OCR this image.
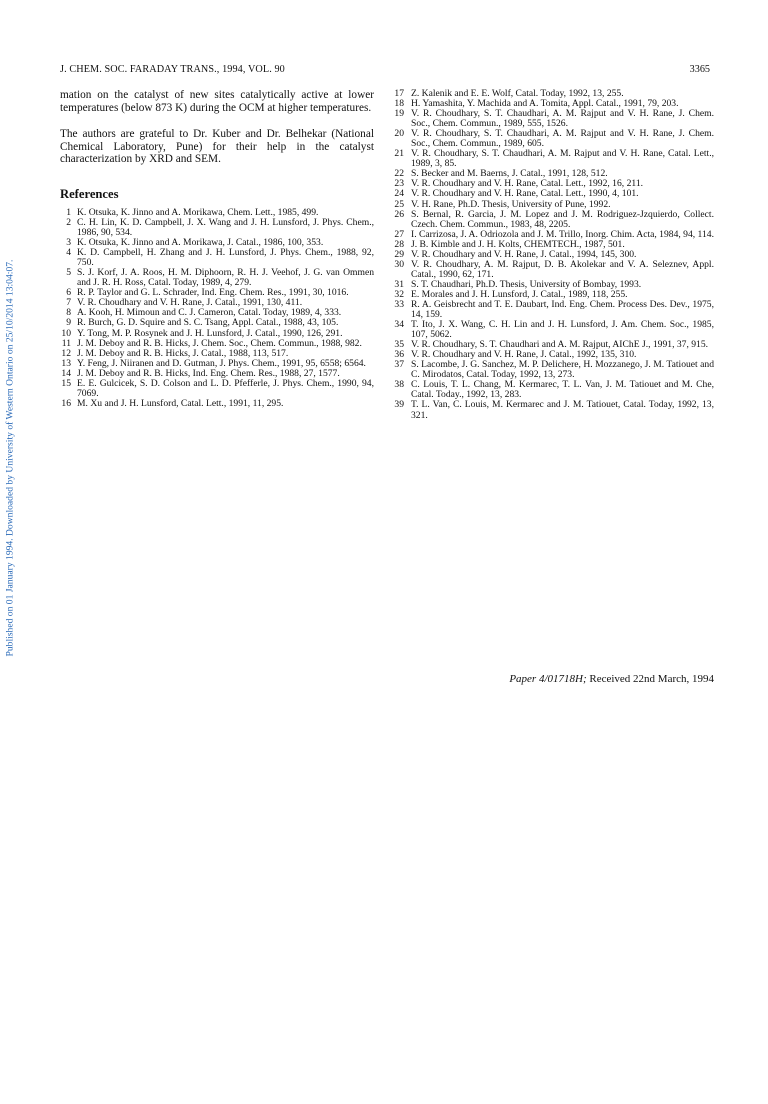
Published on 01 January 1994. Downloaded by University of Western Ontario on 25/10/2014 13:04:07.
J. CHEM. SOC. FARADAY TRANS., 1994, VOL. 90	3365

mation on the catalyst of new sites catalytically active at lower temperatures (below 873 K) during the OCM at higher temperatures.

The authors are grateful to Dr. Kuber and Dr. Belhekar (National Chemical Laboratory, Pune) for their help in the catalyst characterization by XRD and SEM.

References
1 K. Otsuka, K. Jinno and A. Morikawa, Chem. Lett., 1985, 499.
2 C. H. Lin, K. D. Campbell, J. X. Wang and J. H. Lunsford, J. Phys. Chem., 1986, 90, 534.
3 K. Otsuka, K. Jinno and A. Morikawa, J. Catal., 1986, 100, 353.
4 K. D. Campbell, H. Zhang and J. H. Lunsford, J. Phys. Chem., 1988, 92, 750.
5 S. J. Korf, J. A. Roos, H. M. Diphoorn, R. H. J. Veehof, J. G. van Ommen and J. R. H. Ross, Catal. Today, 1989, 4, 279.
6 R. P. Taylor and G. L. Schrader, Ind. Eng. Chem. Res., 1991, 30, 1016.
7 V. R. Choudhary and V. H. Rane, J. Catal., 1991, 130, 411.
8 A. Kooh, H. Mimoun and C. J. Cameron, Catal. Today, 1989, 4, 333.
9 R. Burch, G. D. Squire and S. C. Tsang, Appl. Catal., 1988, 43, 105.
10 Y. Tong, M. P. Rosynek and J. H. Lunsford, J. Catal., 1990, 126, 291.
11 J. M. Deboy and R. B. Hicks, J. Chem. Soc., Chem. Commun., 1988, 982.
12 J. M. Deboy and R. B. Hicks, J. Catal., 1988, 113, 517.
13 Y. Feng, J. Niiranen and D. Gutman, J. Phys. Chem., 1991, 95, 6558; 6564.
14 J. M. Deboy and R. B. Hicks, Ind. Eng. Chem. Res., 1988, 27, 1577.
15 E. E. Gulcicek, S. D. Colson and L. D. Pfefferle, J. Phys. Chem., 1990, 94, 7069.
16 M. Xu and J. H. Lunsford, Catal. Lett., 1991, 11, 295.
17 Z. Kalenik and E. E. Wolf, Catal. Today, 1992, 13, 255.
18 H. Yamashita, Y. Machida and A. Tomita, Appl. Catal., 1991, 79, 203.
19 V. R. Choudhary, S. T. Chaudhari, A. M. Rajput and V. H. Rane, J. Chem. Soc., Chem. Commun., 1989, 555, 1526.
20 V. R. Choudhary, S. T. Chaudhari, A. M. Rajput and V. H. Rane, J. Chem. Soc., Chem. Commun., 1989, 605.
21 V. R. Choudhary, S. T. Chaudhari, A. M. Rajput and V. H. Rane, Catal. Lett., 1989, 3, 85.
22 S. Becker and M. Baerns, J. Catal., 1991, 128, 512.
23 V. R. Choudhary and V. H. Rane, Catal. Lett., 1992, 16, 211.
24 V. R. Choudhary and V. H. Rane, Catal. Lett., 1990, 4, 101.
25 V. H. Rane, Ph.D. Thesis, University of Pune, 1992.
26 S. Bernal, R. Garcia, J. M. Lopez and J. M. Rodriguez-Jzquierdo, Collect. Czech. Chem. Commun., 1983, 48, 2205.
27 I. Carrizosa, J. A. Odriozola and J. M. Trillo, Inorg. Chim. Acta, 1984, 94, 114.
28 J. B. Kimble and J. H. Kolts, CHEMTECH., 1987, 501.
29 V. R. Choudhary and V. H. Rane, J. Catal., 1994, 145, 300.
30 V. R. Choudhary, A. M. Rajput, D. B. Akolekar and V. A. Seleznev, Appl. Catal., 1990, 62, 171.
31 S. T. Chaudhari, Ph.D. Thesis, University of Bombay, 1993.
32 E. Morales and J. H. Lunsford, J. Catal., 1989, 118, 255.
33 R. A. Geisbrecht and T. E. Daubart, Ind. Eng. Chem. Process Des. Dev., 1975, 14, 159.
34 T. Ito, J. X. Wang, C. H. Lin and J. H. Lunsford, J. Am. Chem. Soc., 1985, 107, 5062.
35 V. R. Choudhary, S. T. Chaudhari and A. M. Rajput, AIChE J., 1991, 37, 915.
36 V. R. Choudhary and V. H. Rane, J. Catal., 1992, 135, 310.
37 S. Lacombe, J. G. Sanchez, M. P. Delichere, H. Mozzanego, J. M. Tatiouet and C. Mirodatos, Catal. Today, 1992, 13, 273.
38 C. Louis, T. L. Chang, M. Kermarec, T. L. Van, J. M. Tatiouet and M. Che, Catal. Today., 1992, 13, 283.
39 T. L. Van, C. Louis, M. Kermarec and J. M. Tatiouet, Catal. Today, 1992, 13, 321.
Paper 4/01718H; Received 22nd March, 1994
